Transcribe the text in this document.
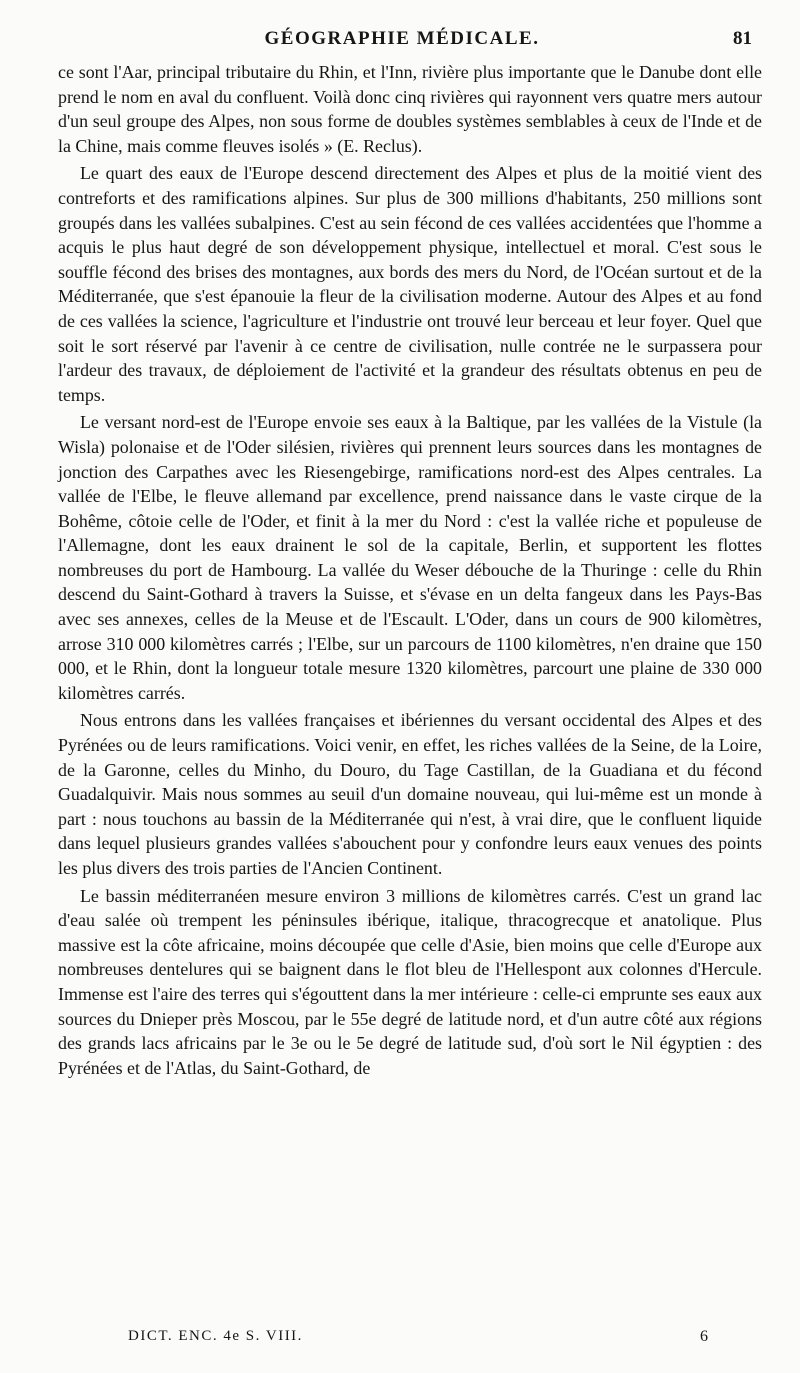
GÉOGRAPHIE MÉDICALE.	81

ce sont l'Aar, principal tributaire du Rhin, et l'Inn, rivière plus importante que le Danube dont elle prend le nom en aval du confluent. Voilà donc cinq rivières qui rayonnent vers quatre mers autour d'un seul groupe des Alpes, non sous forme de doubles systèmes semblables à ceux de l'Inde et de la Chine, mais comme fleuves isolés » (E. Reclus).

Le quart des eaux de l'Europe descend directement des Alpes et plus de la moitié vient des contreforts et des ramifications alpines. Sur plus de 300 millions d'habitants, 250 millions sont groupés dans les vallées subalpines. C'est au sein fécond de ces vallées accidentées que l'homme a acquis le plus haut degré de son développement physique, intellectuel et moral. C'est sous le souffle fécond des brises des montagnes, aux bords des mers du Nord, de l'Océan surtout et de la Méditerranée, que s'est épanouie la fleur de la civilisation moderne. Autour des Alpes et au fond de ces vallées la science, l'agriculture et l'industrie ont trouvé leur berceau et leur foyer. Quel que soit le sort réservé par l'avenir à ce centre de civilisation, nulle contrée ne le surpassera pour l'ardeur des travaux, de déploiement de l'activité et la grandeur des résultats obtenus en peu de temps.

Le versant nord-est de l'Europe envoie ses eaux à la Baltique, par les vallées de la Vistule (la Wisla) polonaise et de l'Oder silésien, rivières qui prennent leurs sources dans les montagnes de jonction des Carpathes avec les Riesengebirge, ramifications nord-est des Alpes centrales. La vallée de l'Elbe, le fleuve allemand par excellence, prend naissance dans le vaste cirque de la Bohême, côtoie celle de l'Oder, et finit à la mer du Nord : c'est la vallée riche et populeuse de l'Allemagne, dont les eaux drainent le sol de la capitale, Berlin, et supportent les flottes nombreuses du port de Hambourg. La vallée du Weser débouche de la Thuringe : celle du Rhin descend du Saint-Gothard à travers la Suisse, et s'évase en un delta fangeux dans les Pays-Bas avec ses annexes, celles de la Meuse et de l'Escault. L'Oder, dans un cours de 900 kilomètres, arrose 310 000 kilomètres carrés ; l'Elbe, sur un parcours de 1100 kilomètres, n'en draine que 150 000, et le Rhin, dont la longueur totale mesure 1320 kilomètres, parcourt une plaine de 330 000 kilomètres carrés.

Nous entrons dans les vallées françaises et ibériennes du versant occidental des Alpes et des Pyrénées ou de leurs ramifications. Voici venir, en effet, les riches vallées de la Seine, de la Loire, de la Garonne, celles du Minho, du Douro, du Tage Castillan, de la Guadiana et du fécond Guadalquivir. Mais nous sommes au seuil d'un domaine nouveau, qui lui-même est un monde à part : nous touchons au bassin de la Méditerranée qui n'est, à vrai dire, que le confluent liquide dans lequel plusieurs grandes vallées s'abouchent pour y confondre leurs eaux venues des points les plus divers des trois parties de l'Ancien Continent.

Le bassin méditerranéen mesure environ 3 millions de kilomètres carrés. C'est un grand lac d'eau salée où trempent les péninsules ibérique, italique, thracogrecque et anatolique. Plus massive est la côte africaine, moins découpée que celle d'Asie, bien moins que celle d'Europe aux nombreuses dentelures qui se baignent dans le flot bleu de l'Hellespont aux colonnes d'Hercule. Immense est l'aire des terres qui s'égouttent dans la mer intérieure : celle-ci emprunte ses eaux aux sources du Dnieper près Moscou, par le 55e degré de latitude nord, et d'un autre côté aux régions des grands lacs africains par le 3e ou le 5e degré de latitude sud, d'où sort le Nil égyptien : des Pyrénées et de l'Atlas, du Saint-Gothard, de

DICT. ENC. 4e S. VIII.	6
